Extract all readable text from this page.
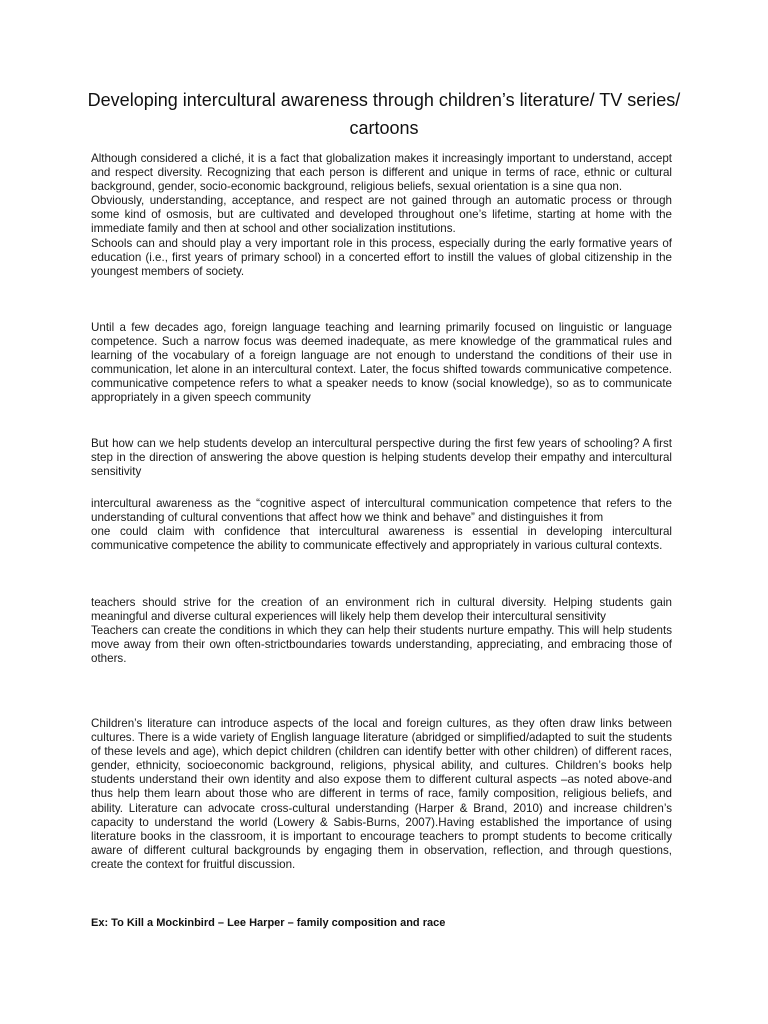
Developing intercultural awareness through children’s literature/ TV series/ cartoons

Although considered a cliché, it is a fact that globalization makes it increasingly important to understand, accept and respect diversity. Recognizing that each person is different and unique in terms of race, ethnic or cultural background, gender, socio-economic background, religious beliefs, sexual orientation is a sine qua non.

Obviously, understanding, acceptance, and respect are not gained through an automatic process or through some kind of osmosis, but are cultivated and developed throughout one’s lifetime, starting at home with the immediate family and then at school and other socialization institutions.

Schools can and should play a very important role in this process, especially during the early formative years of education (i.e., first years of primary school) in a concerted effort to instill the values of global citizenship in the youngest members of society.

Until a few decades ago, foreign language teaching and learning primarily focused on linguistic or language competence. Such a narrow focus was deemed inadequate, as mere knowledge of the grammatical rules and learning of the vocabulary of a foreign language are not enough to understand the conditions of their use in communication, let alone in an intercultural context. Later, the focus shifted towards communicative competence. communicative competence refers to what a speaker needs to know (social knowledge), so as to communicate appropriately in a given speech community

But how can we help students develop an intercultural perspective during the first few years of schooling? A first step in the direction of answering the above question is helping students develop their empathy and intercultural sensitivity

intercultural awareness as the “cognitive aspect of intercultural communication competence that refers to the understanding of cultural conventions that affect how we think and behave” and distinguishes it from

one could claim with confidence that intercultural awareness is essential in developing intercultural communicative competence the ability to communicate effectively and appropriately in various cultural contexts.

teachers should strive for the creation of an environment rich in cultural diversity. Helping students gain meaningful and diverse cultural experiences will likely help them develop their intercultural sensitivity

Teachers can create the conditions in which they can help their students nurture empathy. This will help students move away from their own often-strictboundaries towards understanding, appreciating, and embracing those of others.

Children’s literature can introduce aspects of the local and foreign cultures, as they often draw links between cultures. There is a wide variety of English language literature (abridged or simplified/adapted to suit the students of these levels and age), which depict children (children can identify better with other children) of different races, gender, ethnicity, socioeconomic background, religions, physical ability, and cultures. Children’s books help students understand their own identity and also expose them to different cultural aspects –as noted above-and thus help them learn about those who are different in terms of race, family composition, religious beliefs, and ability. Literature can advocate cross-cultural understanding (Harper & Brand, 2010) and increase children’s capacity to understand the world (Lowery & Sabis-Burns, 2007).Having established the importance of using literature books in the classroom, it is important to encourage teachers to prompt students to become critically aware of different cultural backgrounds by engaging them in observation, reflection, and through questions, create the context for fruitful discussion.

Ex: To Kill a Mockinbird – Lee Harper – family composition and race
